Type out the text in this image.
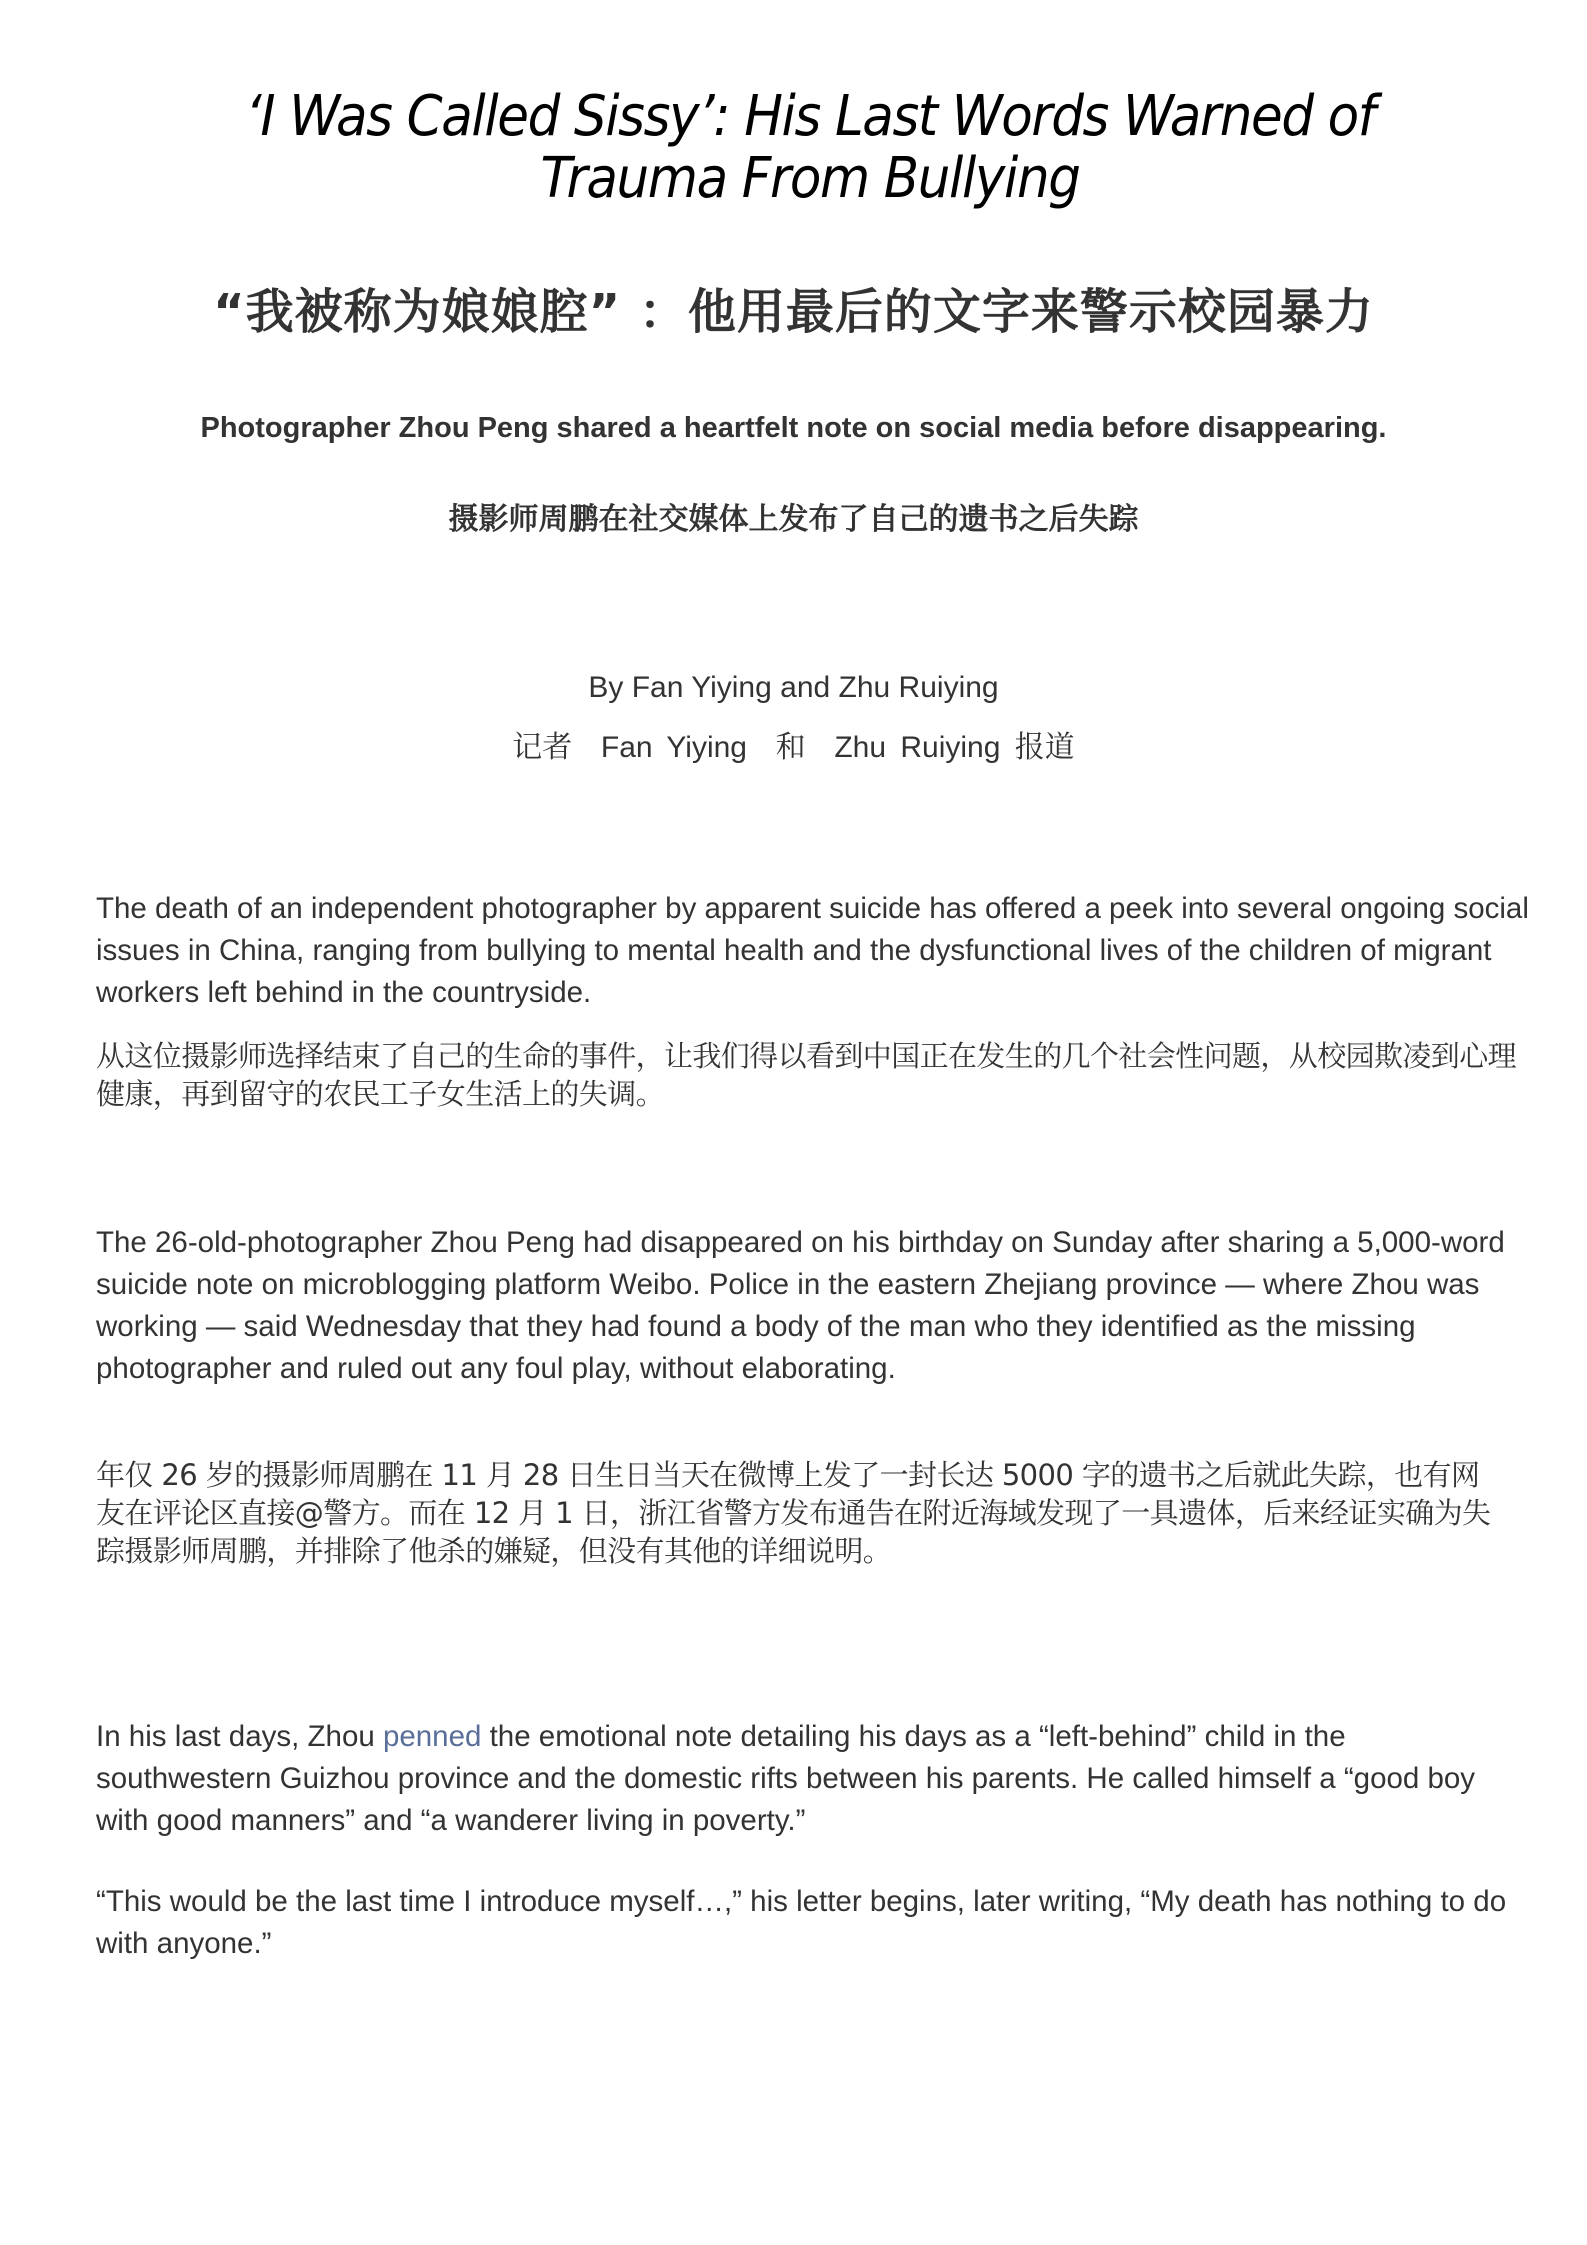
‘I Was Called Sissy’: His Last Words Warned of Trauma From Bullying
“我被称为娘娘腔” ：他用最后的文字来警示校园暴力

Photographer Zhou Peng shared a heartfelt note on social media before disappearing.

摄影师周鹏在社交媒体上发布了自己的遗书之后失踪

By Fan Yiying and Zhu Ruiying

记者  Fan Yiying  和  Zhu Ruiying 报道

The death of an independent photographer by apparent suicide has offered a peek into several ongoing social issues in China, ranging from bullying to mental health and the dysfunctional lives of the children of migrant workers left behind in the countryside.

从这位摄影师选择结束了自己的生命的事件，让我们得以看到中国正在发生的几个社会性问题，从校园欺凌到心理健康，再到留守的农民工子女生活上的失调。

The 26-old-photographer Zhou Peng had disappeared on his birthday on Sunday after sharing a 5,000-word suicide note on microblogging platform Weibo. Police in the eastern Zhejiang province — where Zhou was working — said Wednesday that they had found a body of the man who they identified as the missing photographer and ruled out any foul play, without elaborating.

年仅 26 岁的摄影师周鹏在 11 月 28 日生日当天在微博上发了一封长达 5000 字的遗书之后就此失踪，也有网友在评论区直接@警方。而在 12 月 1 日，浙江省警方发布通告在附近海域发现了一具遗体，后来经证实确为失踪摄影师周鹏，并排除了他杀的嫌疑，但没有其他的详细说明。

In his last days, Zhou penned the emotional note detailing his days as a “left-behind” child in the southwestern Guizhou province and the domestic rifts between his parents. He called himself a “good boy with good manners” and “a wanderer living in poverty.”

“This would be the last time I introduce myself…,” his letter begins, later writing, “My death has nothing to do with anyone.”
